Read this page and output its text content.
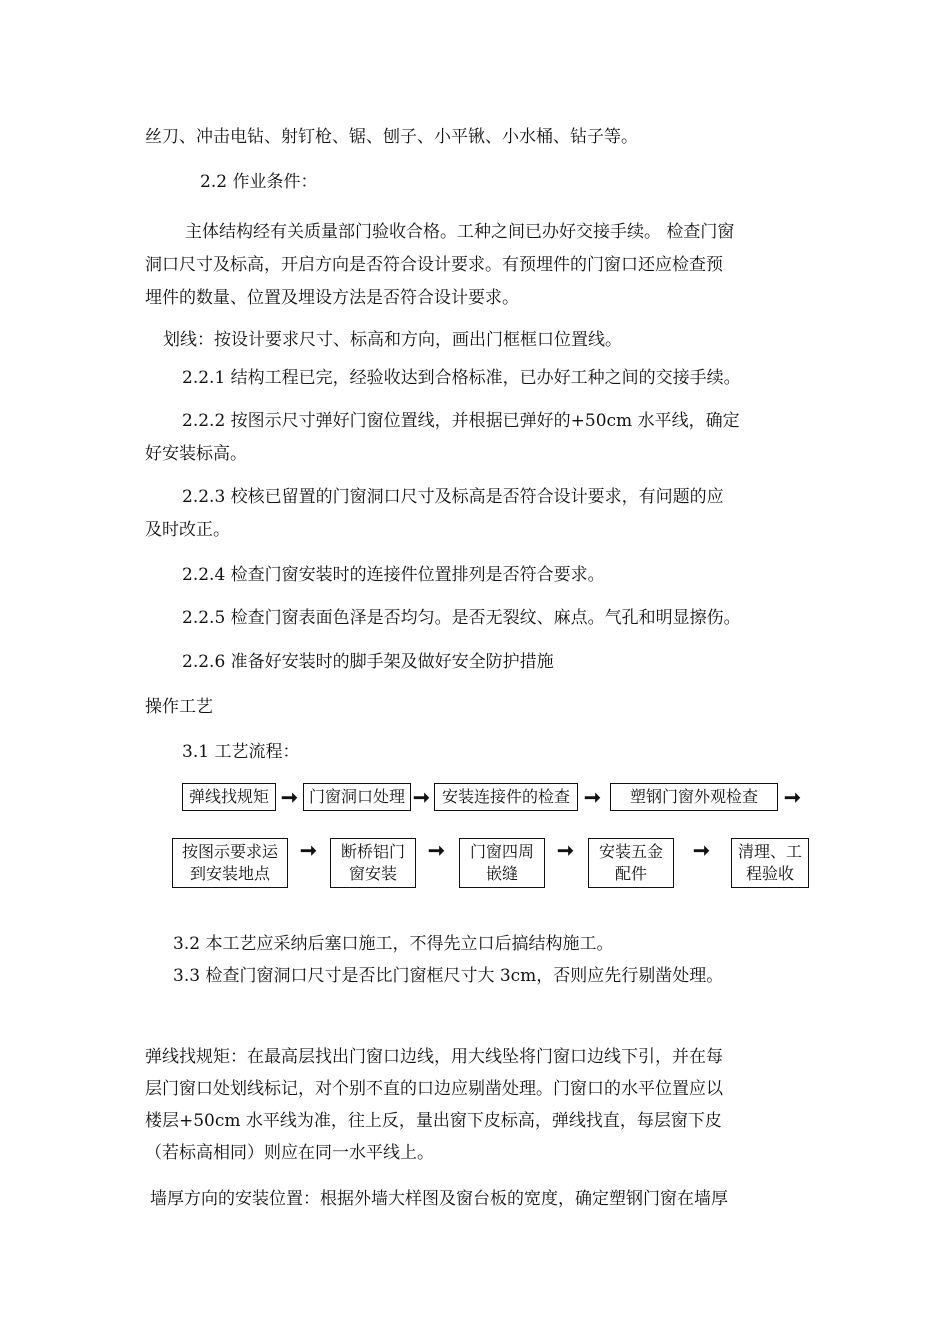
丝刀、冲击电钻、射钉枪、锯、刨子、小平锹、小水桶、钻子等。
2.2 作业条件：
主体结构经有关质量部门验收合格。工种之间已办好交接手续。 检查门窗
洞口尺寸及标高，开启方向是否符合设计要求。有预埋件的门窗口还应检查预
埋件的数量、位置及埋设方法是否符合设计要求。
划线：按设计要求尺寸、标高和方向，画出门框框口位置线。
2.2.1 结构工程已完，经验收达到合格标准，已办好工种之间的交接手续。
2.2.2 按图示尺寸弹好门窗位置线，并根据已弹好的+50cm 水平线，确定
好安装标高。
2.2.3 校核已留置的门窗洞口尺寸及标高是否符合设计要求，有问题的应
及时改正。
2.2.4 检查门窗安装时的连接件位置排列是否符合要求。
2.2.5 检查门窗表面色泽是否均匀。是否无裂纹、麻点。气孔和明显擦伤。
2.2.6 准备好安装时的脚手架及做好安全防护措施
操作工艺
3.1 工艺流程：
弹线找规矩 ➞ 门窗洞口处理 ➞ 安装连接件的检查 ➞	塑钢门窗外观检查	➞
按图示要求运
到安装地点
➞	断桥铝门
窗安装
➞	门窗四周
嵌缝
➞	安装五金
配件
➞	清理、工
程验收
3.2 本工艺应采纳后塞口施工，不得先立口后搞结构施工。
3.3 检查门窗洞口尺寸是否比门窗框尺寸大 3cm，否则应先行剔凿处理。
弹线找规矩：在最高层找出门窗口边线，用大线坠将门窗口边线下引，并在每
层门窗口处划线标记，对个别不直的口边应剔凿处理。门窗口的水平位置应以
楼层+50cm 水平线为准，往上反，量出窗下皮标高，弹线找直，每层窗下皮
（若标高相同）则应在同一水平线上。
墙厚方向的安装位置：根据外墙大样图及窗台板的宽度，确定塑钢门窗在墙厚
